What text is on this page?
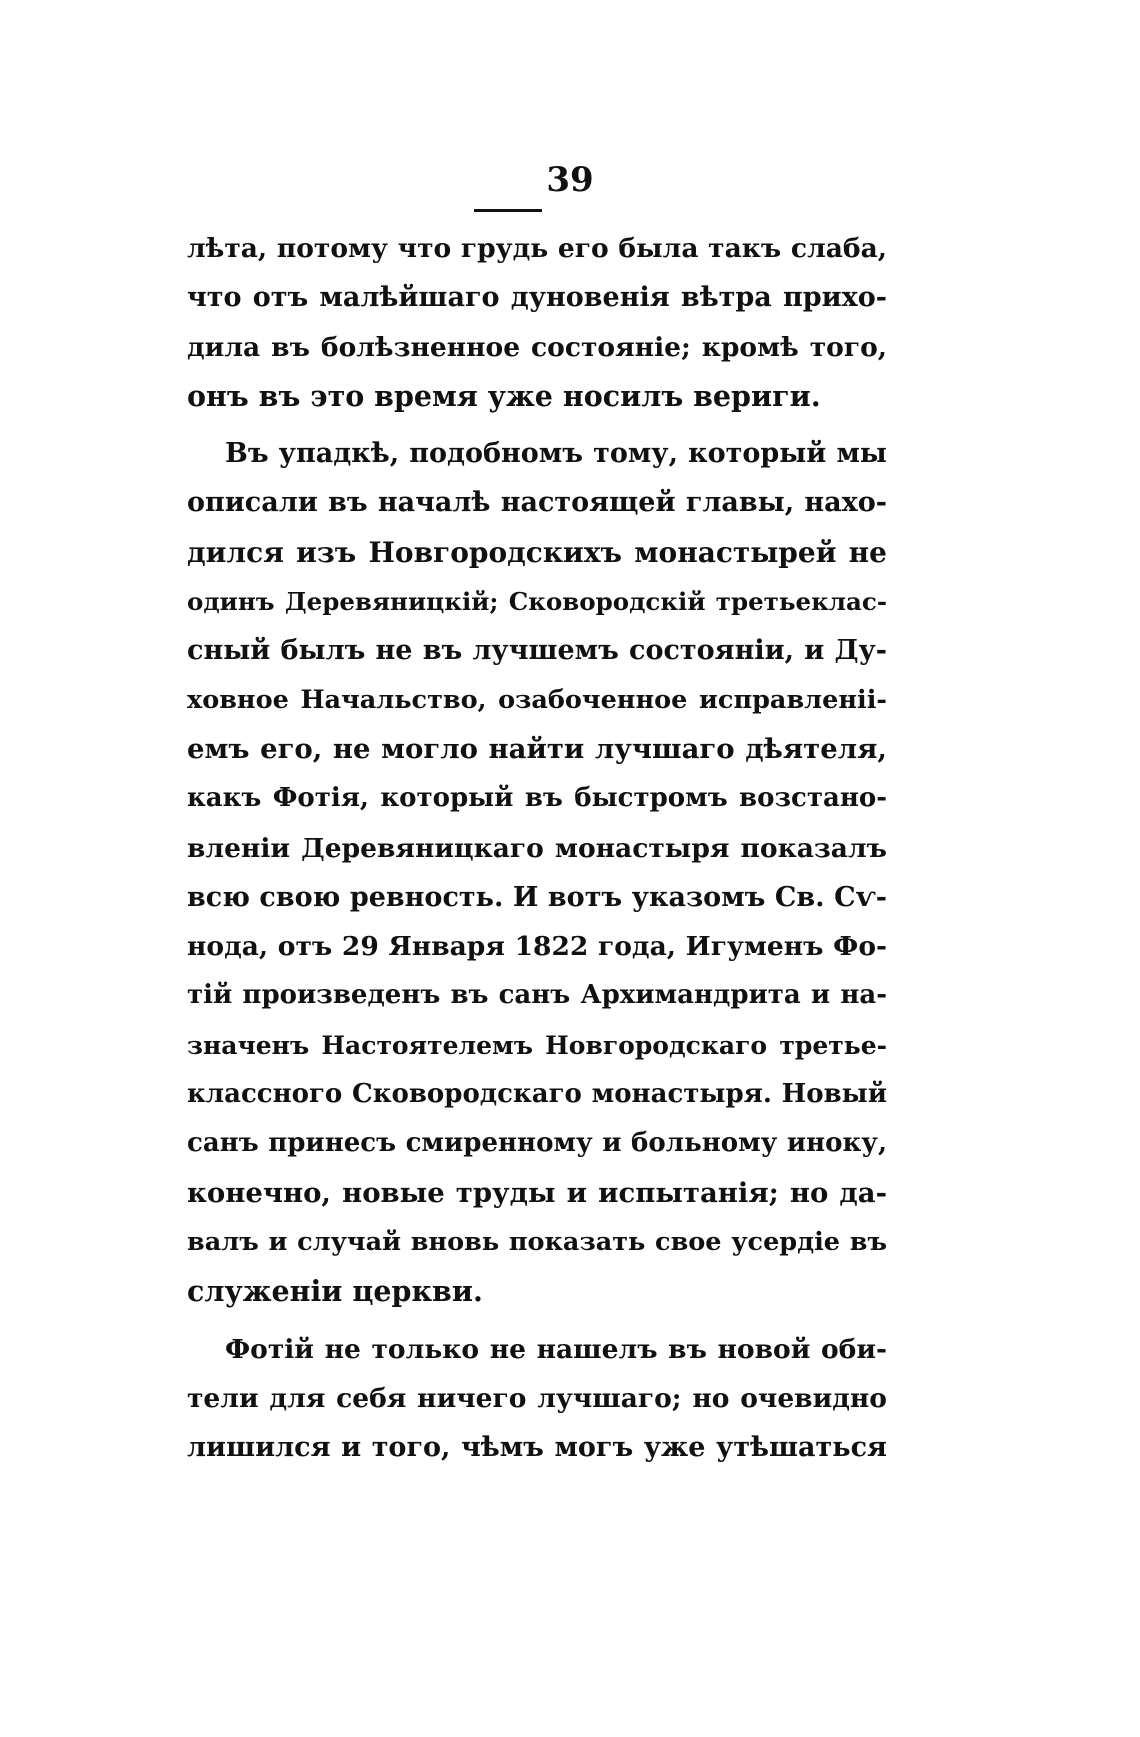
39
лѣта, потому что грудь его была такъ слаба,
что отъ малѣйшаго дуновенія вѣтра прихо-
дила въ болѣзненное состояніе; кромѣ того,
онъ въ это время уже носилъ вериги.
Въ упадкѣ, подобномъ тому, который мы
описали въ началѣ настоящей главы, нахо-
дился изъ Новгородскихъ монастырей не
одинъ Деревяницкій; Сковородскій третьеклас-
сный былъ не въ лучшемъ состояніи, и Ду-
ховное Начальство, озабоченное исправленіі-
емъ его, не могло найти лучшаго дѣятеля,
какъ Фотія, который въ быстромъ возстано-
вленіи Деревяницкаго монастыря показалъ
всю свою ревность. И вотъ указомъ Св. Сѵ-
нода, отъ 29 Января 1822 года, Игуменъ Фо-
тій произведенъ въ санъ Архимандрита и на-
значенъ Настоятелемъ Новгородскаго третье-
классного Сковородскаго монастыря. Новый
санъ принесъ смиренному и больному иноку,
конечно, новые труды и испытанія; но да-
валъ и случай вновь показать свое усердіе въ
служеніи церкви.
Фотій не только не нашелъ въ новой оби-
тели для себя ничего лучшаго; но очевидно
лишился и того, чѣмъ могъ уже утѣшаться
